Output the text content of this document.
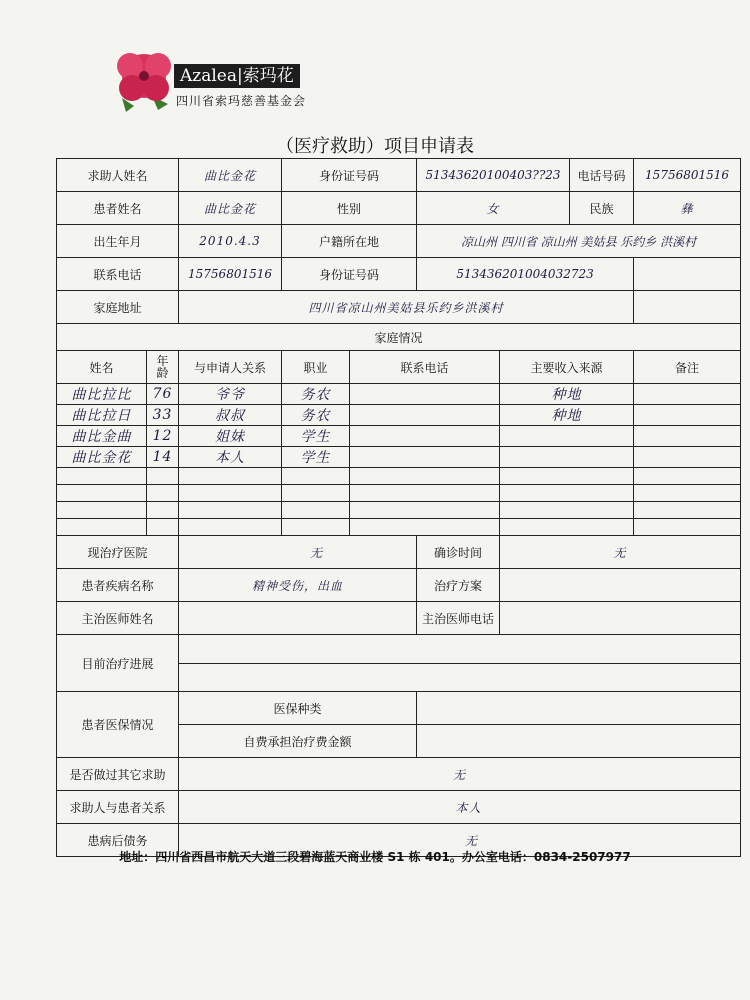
Azalea|索玛花
四川省索玛慈善基金会
（医疗救助）项目申请表
求助人姓名		曲比金花	身份证号码		51343620100403??23		电话号码	15756801516
患者姓名		曲比金花	性别		女		民族	彝
出生年月		2010.4.3	户籍所在地		凉山州 四川省 凉山州 美姑县 乐约乡 洪溪村			
联系电话		15756801516	身份证号码		513436201004032723			
家庭地址		四川省凉山州美姑县乐约乡洪溪村						
家庭情况								
姓名	年龄	与申请人关系	职业	联系电话		主要收入来源		备注
曲比拉比	76	爷爷	务农			种地		
曲比拉日	33	叔叔	务农			种地		
曲比金曲	12	姐妹	学生					
曲比金花	14	本人	学生					

现治疗医院		无			确诊时间	无		
患者疾病名称		精神受伤，出血			治疗方案			
主治医师姓名					主治医师电话			
目前治疗进展								

患者医保情况		医保种类						
		自费承担治疗费金额						
是否做过其它求助		无						
求助人与患者关系		本人						
患病后债务		无						
地址：四川省西昌市航天大道三段碧海蓝天商业楼 S1 栋 401。办公室电话：0834-2507977
